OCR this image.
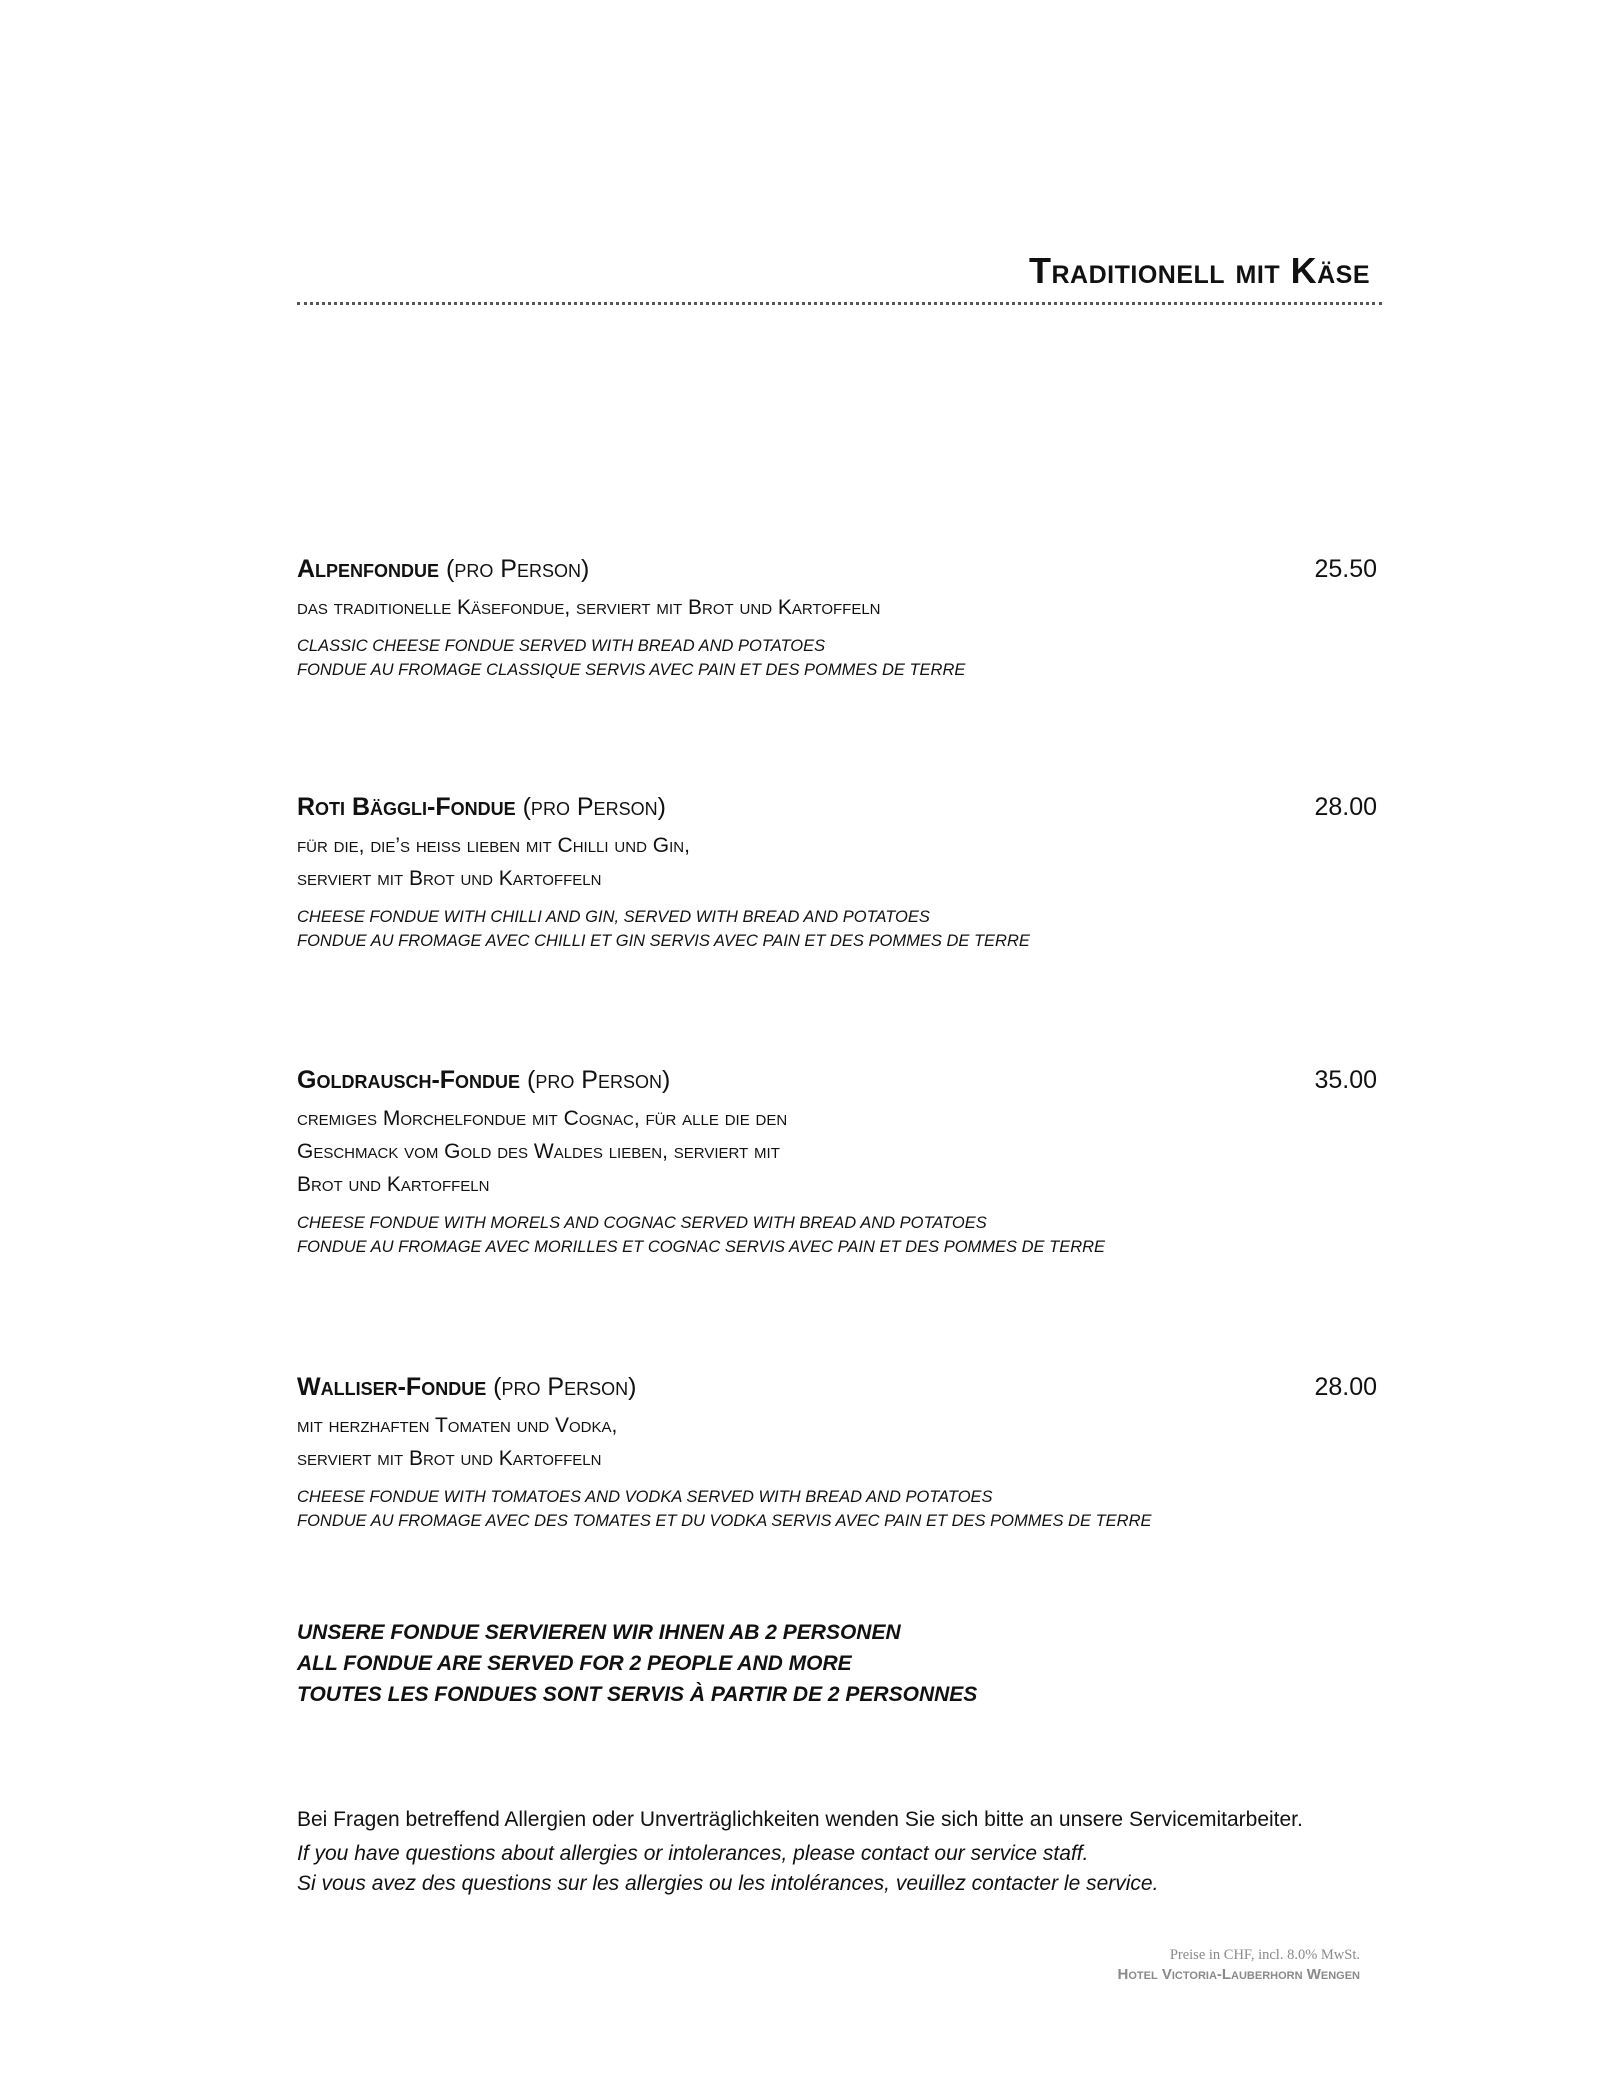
Traditionell mit Käse
Alpenfondue (pro Person)	25.50
das traditionelle Käsefondue, serviert mit Brot und Kartoffeln
CLASSIC CHEESE FONDUE SERVED WITH BREAD AND POTATOES
FONDUE AU FROMAGE CLASSIQUE SERVIS AVEC PAIN ET DES POMMES DE TERRE
Roti Bäggli-Fondue (pro Person)	28.00
für die, die’s heiss lieben mit Chilli und Gin,
serviert mit Brot und Kartoffeln
CHEESE FONDUE WITH CHILLI AND GIN, SERVED WITH BREAD AND POTATOES
FONDUE AU FROMAGE AVEC CHILLI ET GIN SERVIS AVEC PAIN ET DES POMMES DE TERRE
Goldrausch-Fondue (pro Person)	35.00
cremiges Morchelfondue mit Cognac, für alle die den
Geschmack vom Gold des Waldes lieben, serviert mit
Brot und Kartoffeln
CHEESE FONDUE WITH MORELS AND COGNAC SERVED WITH BREAD AND POTATOES
FONDUE AU FROMAGE AVEC MORILLES ET COGNAC SERVIS AVEC PAIN ET DES POMMES DE TERRE
Walliser-Fondue (pro Person)	28.00
mit herzhaften Tomaten und Vodka,
serviert mit Brot und Kartoffeln
CHEESE FONDUE WITH TOMATOES AND VODKA SERVED WITH BREAD AND POTATOES
FONDUE AU FROMAGE AVEC DES TOMATES ET DU VODKA SERVIS AVEC PAIN ET DES POMMES DE TERRE
UNSERE FONDUE SERVIEREN WIR IHNEN AB 2 PERSONEN
ALL FONDUE ARE SERVED FOR 2 PEOPLE AND MORE
TOUTES LES FONDUES SONT SERVIS À PARTIR DE 2 PERSONNES
Bei Fragen betreffend Allergien oder Unverträglichkeiten wenden Sie sich bitte an unsere Servicemitarbeiter.
If you have questions about allergies or intolerances, please contact our service staff.
Si vous avez des questions sur les allergies ou les intolérances, veuillez contacter le service.
Preise in CHF, incl. 8.0% MwSt.
Hotel Victoria-Lauberhorn Wengen
